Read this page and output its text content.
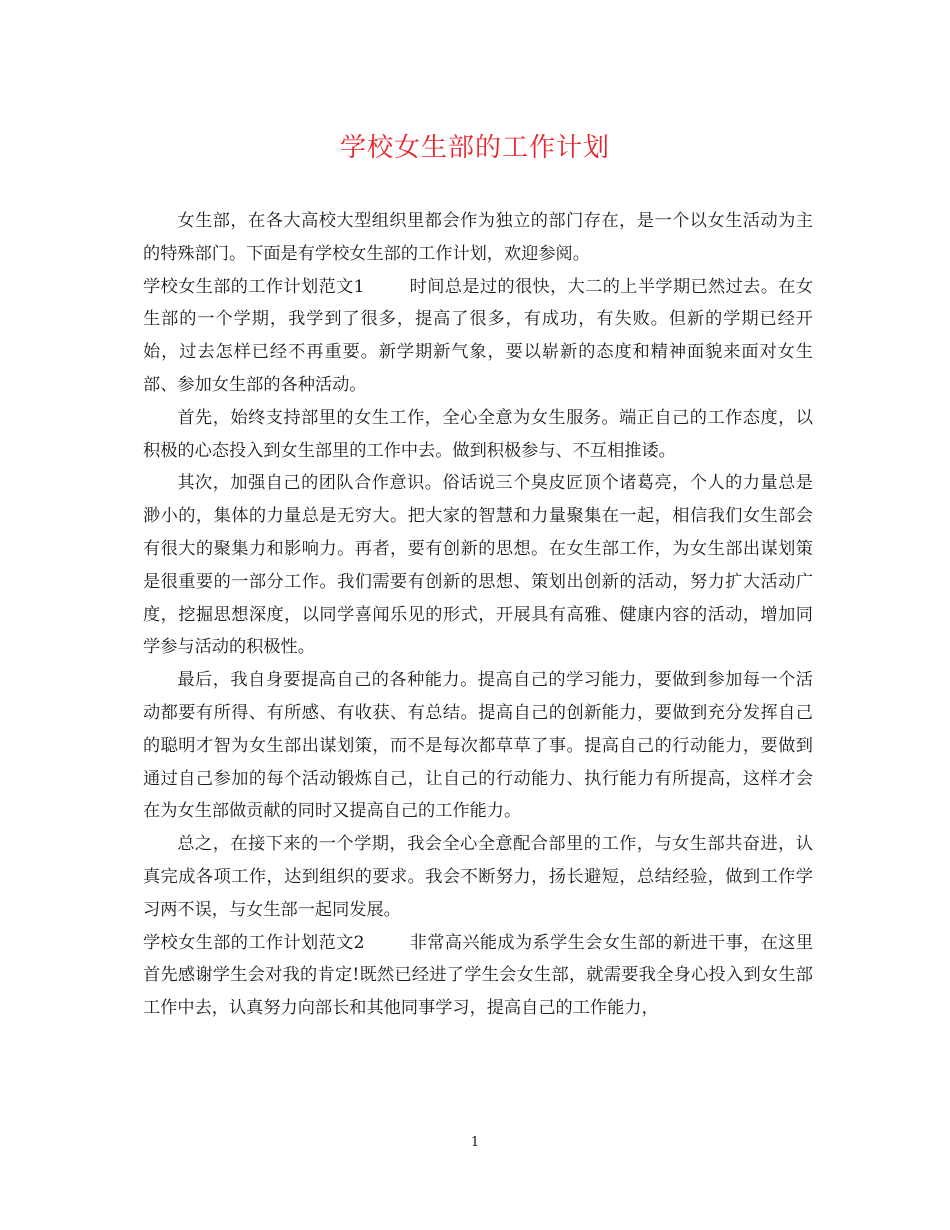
学校女生部的工作计划

女生部，在各大高校大型组织里都会作为独立的部门存在，是一个以女生活动为主的特殊部门。下面是有学校女生部的工作计划，欢迎参阅。

学校女生部的工作计划范文1	时间总是过的很快，大二的上半学期已然过去。在女生部的一个学期，我学到了很多，提高了很多，有成功，有失败。但新的学期已经开始，过去怎样已经不再重要。新学期新气象，要以崭新的态度和精神面貌来面对女生部、参加女生部的各种活动。

首先，始终支持部里的女生工作，全心全意为女生服务。端正自己的工作态度，以积极的心态投入到女生部里的工作中去。做到积极参与、不互相推诿。

其次，加强自己的团队合作意识。俗话说三个臭皮匠顶个诸葛亮，个人的力量总是渺小的，集体的力量总是无穷大。把大家的智慧和力量聚集在一起，相信我们女生部会有很大的聚集力和影响力。再者，要有创新的思想。在女生部工作，为女生部出谋划策是很重要的一部分工作。我们需要有创新的思想、策划出创新的活动，努力扩大活动广度，挖掘思想深度，以同学喜闻乐见的形式，开展具有高雅、健康内容的活动，增加同学参与活动的积极性。

最后，我自身要提高自己的各种能力。提高自己的学习能力，要做到参加每一个活动都要有所得、有所感、有收获、有总结。提高自己的创新能力，要做到充分发挥自己的聪明才智为女生部出谋划策，而不是每次都草草了事。提高自己的行动能力，要做到通过自己参加的每个活动锻炼自己，让自己的行动能力、执行能力有所提高，这样才会在为女生部做贡献的同时又提高自己的工作能力。

总之，在接下来的一个学期，我会全心全意配合部里的工作，与女生部共奋进，认真完成各项工作，达到组织的要求。我会不断努力，扬长避短，总结经验，做到工作学习两不误，与女生部一起同发展。

学校女生部的工作计划范文2	非常高兴能成为系学生会女生部的新进干事，在这里首先感谢学生会对我的肯定!既然已经进了学生会女生部，就需要我全身心投入到女生部工作中去，认真努力向部长和其他同事学习，提高自己的工作能力，

1
